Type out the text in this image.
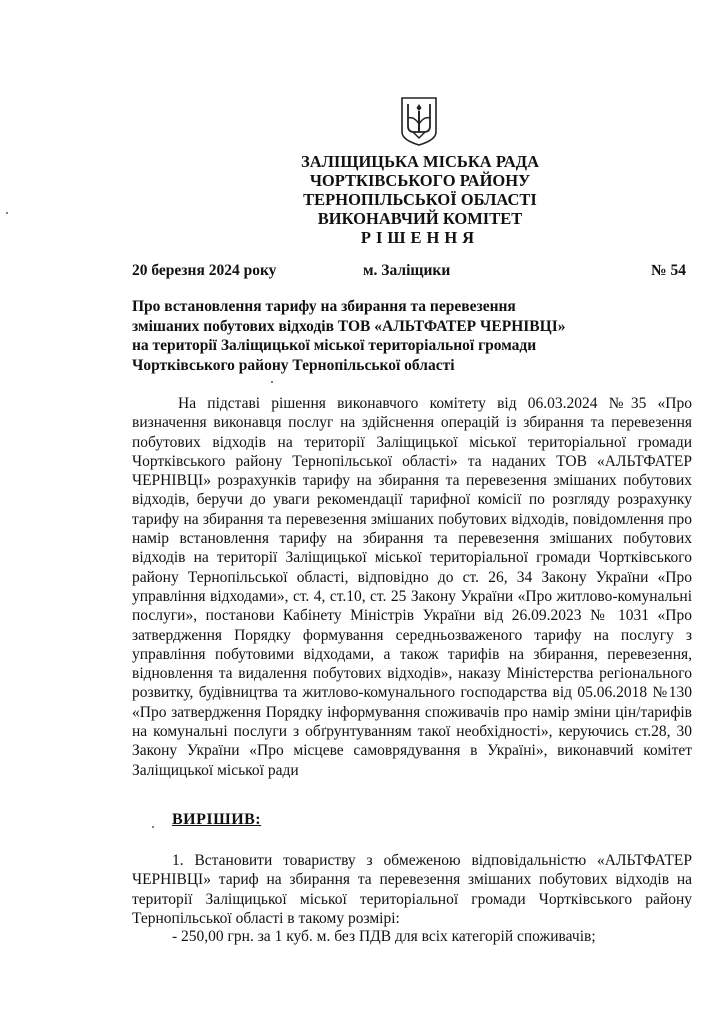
ЗАЛІЩИЦЬКА МІСЬКА РАДА
ЧОРТКІВСЬКОГО РАЙОНУ
ТЕРНОПІЛЬСЬКОЇ ОБЛАСТІ
ВИКОНАВЧИЙ КОМІТЕТ
РІШЕННЯ
20 березня 2024 року	м. Заліщики	№ 54
Про встановлення тарифу на збирання та перевезення
змішаних побутових відходів ТОВ «АЛЬТФАТЕР ЧЕРНІВЦІ»
на території Заліщицької міської територіальної громади
Чортківського району Тернопільської області

На підставі рішення виконавчого комітету від 06.03.2024 №35 «Про визначення виконавця послуг на здійснення операцій із збирання та перевезення побутових відходів на території Заліщицької міської територіальної громади Чортківського району Тернопільської області» та наданих ТОВ «АЛЬТФАТЕР ЧЕРНІВЦІ» розрахунків тарифу на збирання та перевезення змішаних побутових відходів, беручи до уваги рекомендації тарифної комісії по розгляду розрахунку тарифу на збирання та перевезення змішаних побутових відходів, повідомлення про намір встановлення тарифу на збирання та перевезення змішаних побутових відходів на території Заліщицької міської територіальної громади Чортківського району Тернопільської області, відповідно до ст. 26, 34 Закону України «Про управління відходами», ст. 4, ст.10, ст. 25 Закону України «Про житлово-комунальні послуги», постанови Кабінету Міністрів України від 26.09.2023 № 1031 «Про затвердження Порядку формування середньозваженого тарифу на послугу з управління побутовими відходами, а також тарифів на збирання, перевезення, відновлення та видалення побутових відходів», наказу Міністерства регіонального розвитку, будівництва та житлово-комунального господарства від 05.06.2018 №130 «Про затвердження Порядку інформування споживачів про намір зміни цін/тарифів на комунальні послуги з обґрунтуванням такої необхідності», керуючись ст.28, 30 Закону України «Про місцеве самоврядування в Україні», виконавчий комітет Заліщицької міської ради

ВИРІШИВ:

1. Встановити товариству з обмеженою відповідальністю «АЛЬТФАТЕР ЧЕРНІВЦІ» тариф на збирання та перевезення змішаних побутових відходів на території Заліщицької міської територіальної громади Чортківського району Тернопільської області в такому розмірі:

- 250,00 грн. за 1 куб. м. без ПДВ для всіх категорій споживачів;
